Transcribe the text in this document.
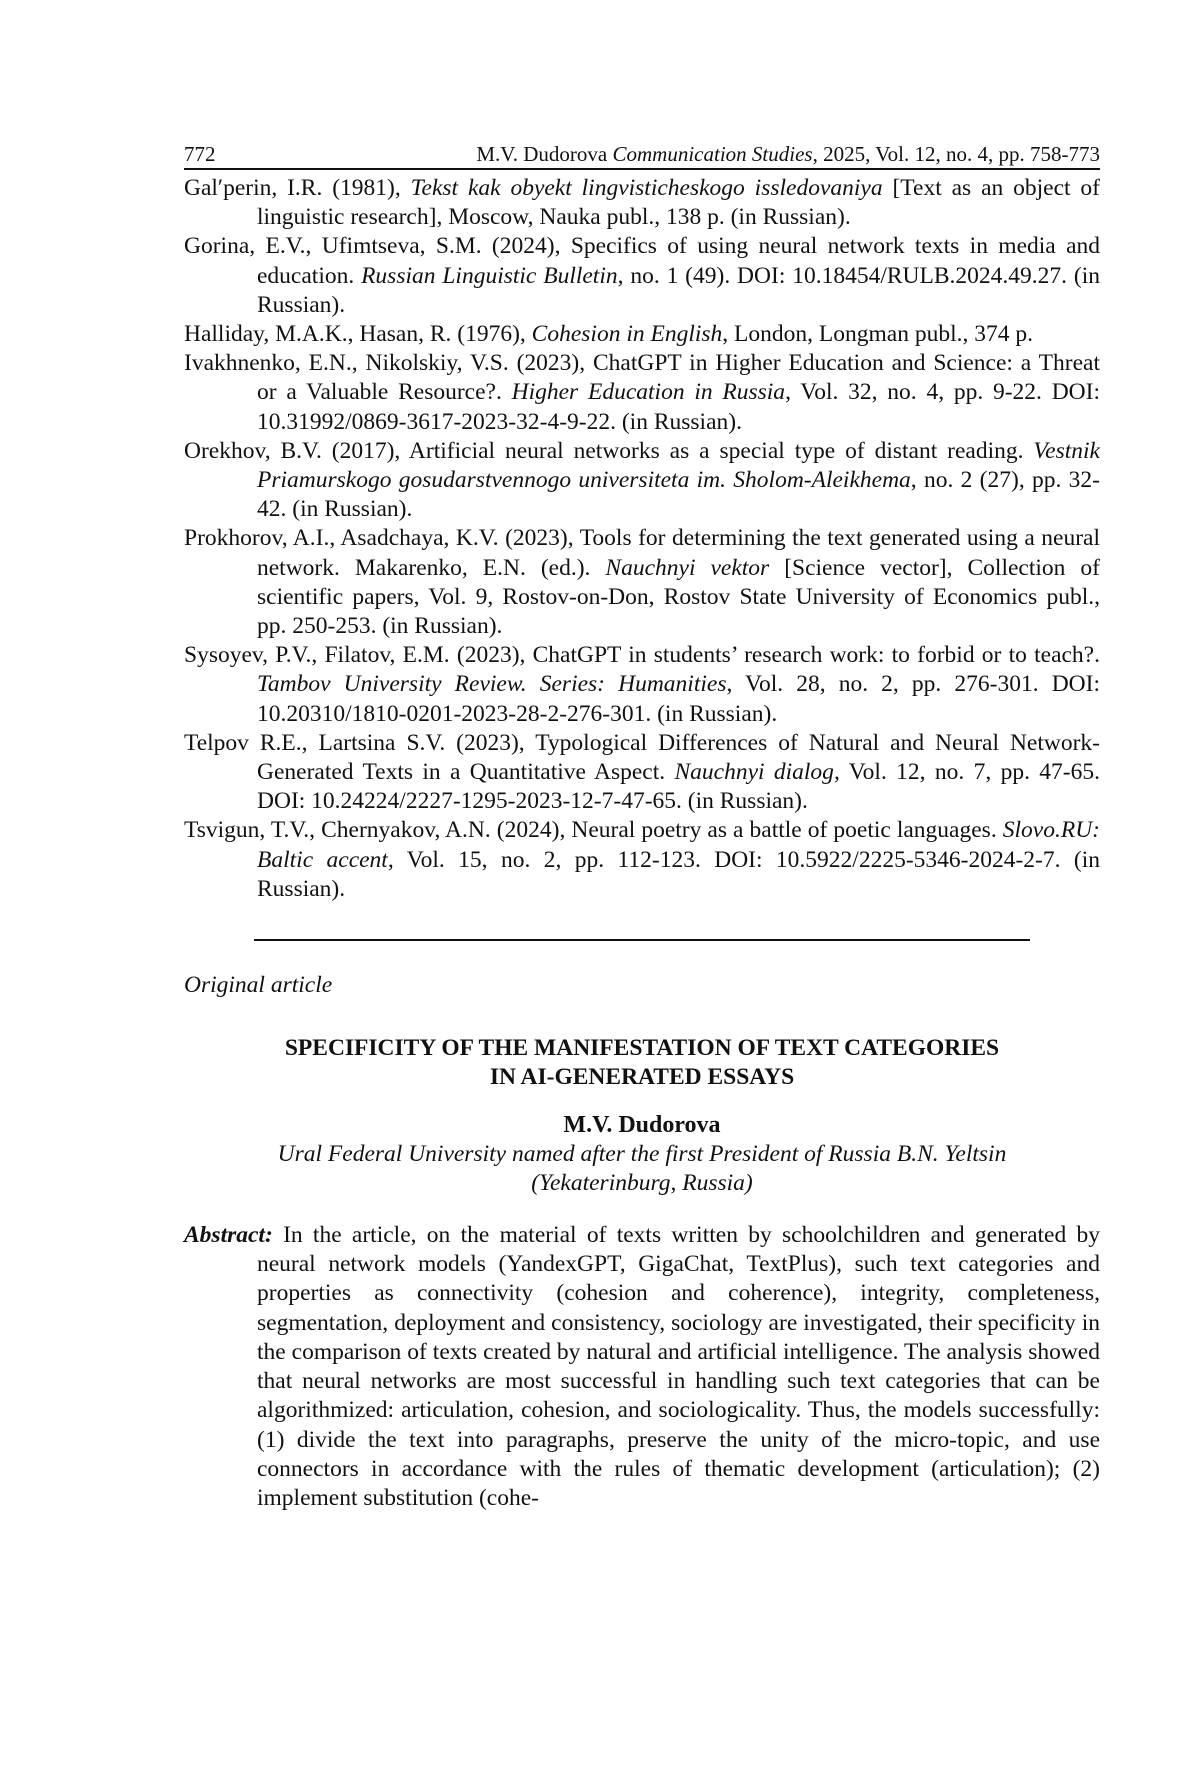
772	M.V. Dudorova Communication Studies, 2025, Vol. 12, no. 4, pp. 758-773

Gal′perin, I.R. (1981), Tekst kak obyekt lingvisticheskogo issledovaniya [Text as an object of linguistic research], Moscow, Nauka publ., 138 p. (in Russian).

Gorina, E.V., Ufimtseva, S.M. (2024), Specifics of using neural network texts in media and education. Russian Linguistic Bulletin, no. 1 (49). DOI: 10.18454/RULB.2024.49.27. (in Russian).

Halliday, M.A.K., Hasan, R. (1976), Cohesion in English, London, Longman publ., 374 p.

Ivakhnenko, E.N., Nikolskiy, V.S. (2023), ChatGPT in Higher Education and Science: a Threat or a Valuable Resource?. Higher Education in Russia, Vol. 32, no. 4, pp. 9-22. DOI: 10.31992/0869-3617-2023-32-4-9-22. (in Russian).

Orekhov, B.V. (2017), Artificial neural networks as a special type of distant reading. Vestnik Priamurskogo gosudarstvennogo universiteta im. Sholom-Aleikhema, no. 2 (27), pp. 32-42. (in Russian).

Prokhorov, A.I., Asadchaya, K.V. (2023), Tools for determining the text generated using a neural network. Makarenko, E.N. (ed.). Nauchnyi vektor [Science vector], Collection of scientific papers, Vol. 9, Rostov-on-Don, Rostov State University of Economics publ., pp. 250-253. (in Russian).

Sysoyev, P.V., Filatov, E.M. (2023), ChatGPT in students’ research work: to forbid or to teach?. Tambov University Review. Series: Humanities, Vol. 28, no. 2, pp. 276-301. DOI: 10.20310/1810-0201-2023-28-2-276-301. (in Russian).

Telpov R.E., Lartsina S.V. (2023), Typological Differences of Natural and Neural Network-Generated Texts in a Quantitative Aspect. Nauchnyi dialog, Vol. 12, no. 7, pp. 47-65. DOI: 10.24224/2227-1295-2023-12-7-47-65. (in Russian).

Tsvigun, T.V., Chernyakov, A.N. (2024), Neural poetry as a battle of poetic languages. Slovo.RU: Baltic accent, Vol. 15, no. 2, pp. 112-123. DOI: 10.5922/2225-5346-2024-2-7. (in Russian).

Original article
SPECIFICITY OF THE MANIFESTATION OF TEXT CATEGORIES
IN AI-GENERATED ESSAYS
M.V. Dudorova
Ural Federal University named after the first President of Russia B.N. Yeltsin
(Yekaterinburg, Russia)

Abstract: In the article, on the material of texts written by schoolchildren and generated by neural network models (YandexGPT, GigaChat, TextPlus), such text categories and properties as connectivity (cohesion and coherence), integrity, completeness, segmentation, deployment and consistency, sociology are investigated, their specificity in the comparison of texts created by natural and artificial intelligence. The analysis showed that neural networks are most successful in handling such text categories that can be algorithmized: articulation, cohesion, and sociologicality. Thus, the models successfully: (1) divide the text into paragraphs, preserve the unity of the micro-topic, and use connectors in accordance with the rules of thematic development (articulation); (2) implement substitution (cohe-
